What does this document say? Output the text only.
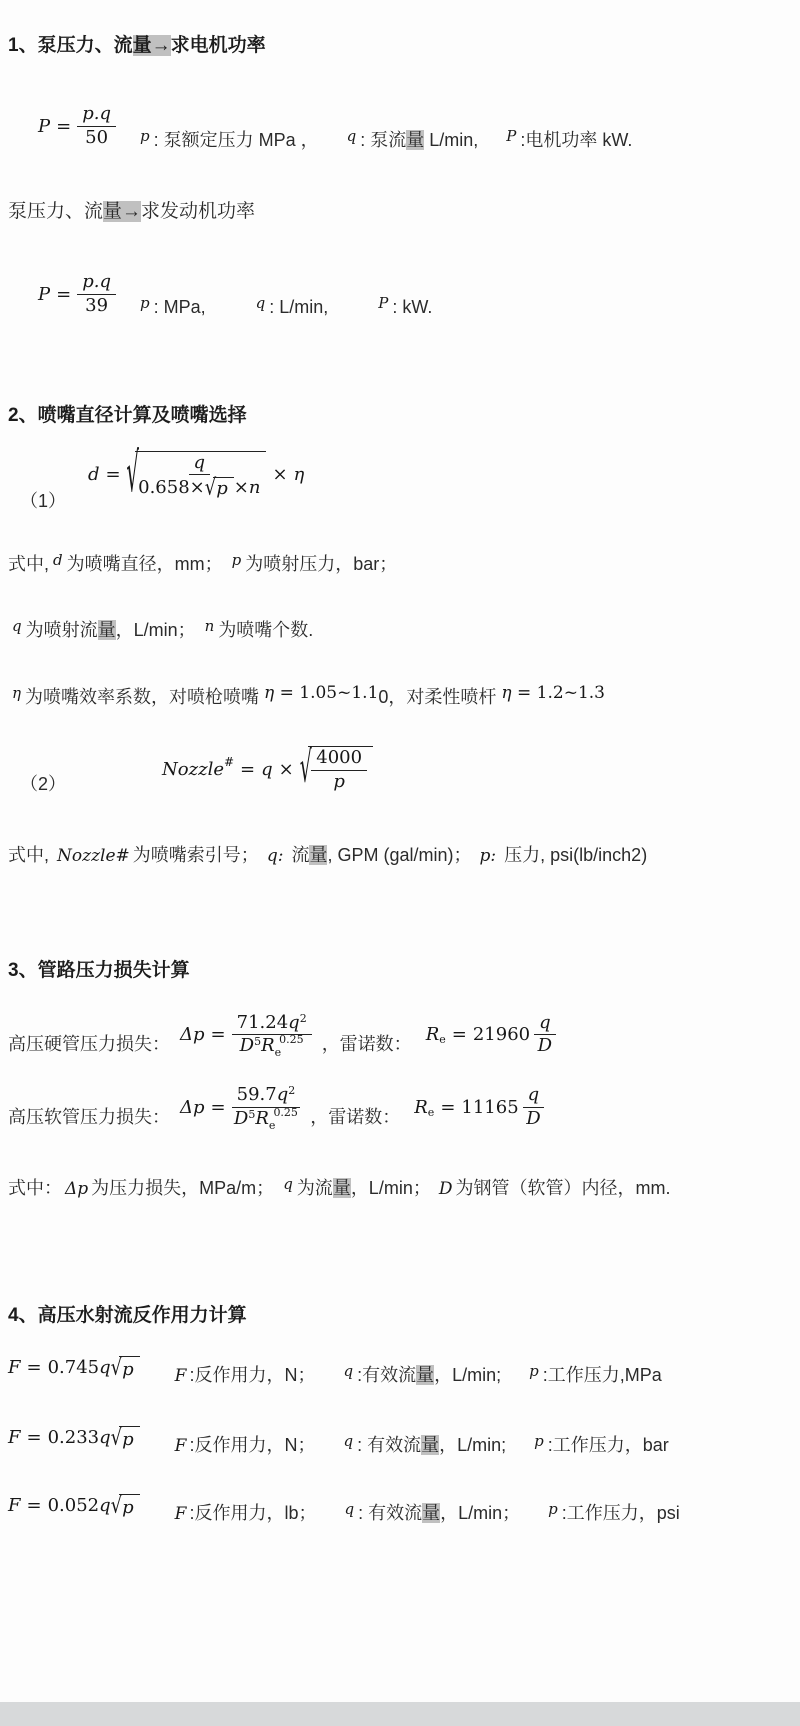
1、泵压力、流量→求电机功率
$P = \frac{p.q}{50}$ p : 泵额定压力 MPa ， q : 泵流量 L/min, P :电机功率 kW.

泵压力、流量→求发动机功率

$P = \frac{p.q}{39}$ p : MPa,	q : L/min,	P : kW.
2、喷嘴直径计算及喷嘴选择
（1）
d = √ $\frac{q}{0.658\times √ p \times n} \times \eta$

式中, $^d$ 为喷嘴直径，mm； $^p$ 为喷射压力，bar；

$^q$ 为喷射流量，L/min； $^n$ 为喷嘴个数.

$^\eta$ 为喷嘴效率系数，对喷枪喷嘴 η = 1.05~1.10，对柔性喷杆 η = 1.2~1.3

（2）
Nozzle # = q × √ $\frac{4000}{p}$

式中, Nozzle# 为喷嘴索引号； q: 流量, GPM (gal/min)； p: 压力, psi(lb/inch2)

3、管路压力损失计算
高压硬管压力损失： Δp = 71.24 q 2
D 5 R e
0.25 ，雷诺数： R $e = 21960 \frac{q}{D}$
高压软管压力损失： Δp = 59.7 q 2
D 5 R e
0.25 ，雷诺数： R $e = 11165 \frac{q}{D}$

式中： Δp 为压力损失，MPa/m； $^q$ 为流量，L/min； D 为钢管（软管）内径，mm.

4、高压水射流反作用力计算
F = 0.745 q √ p	F :反作用力，N； q :有效流量，L/min; p :工作压力,MPa
F = 0.233 q √ p	F :反作用力，N； q : 有效流量，L/min; p :工作压力，bar
F = 0.052 q √ p	F :反作用力，lb； q : 有效流量，L/min； p :工作压力，psi
